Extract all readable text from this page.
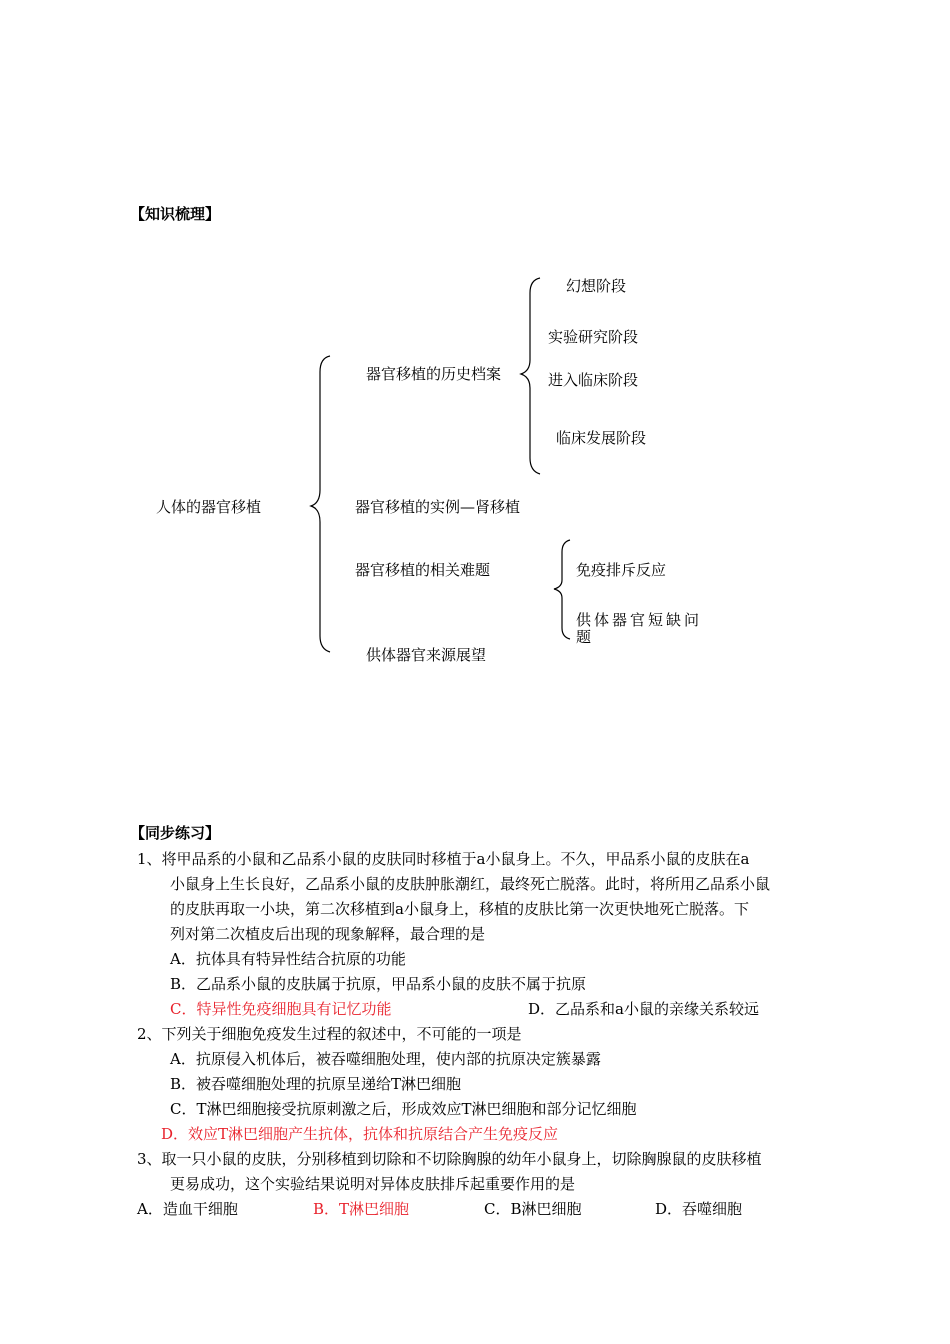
【知识梳理】
人体的器官移植
器官移植的历史档案
器官移植的实例—肾移植
器官移植的相关难题
供体器官来源展望
幻想阶段
实验研究阶段
进入临床阶段
临床发展阶段
免疫排斥反应
供体器官短缺问题
【同步练习】
1、将甲品系的小鼠和乙品系小鼠的皮肤同时移植于a小鼠身上。不久，甲品系小鼠的皮肤在a
小鼠身上生长良好，乙品系小鼠的皮肤肿胀潮红，最终死亡脱落。此时，将所用乙品系小鼠
的皮肤再取一小块，第二次移植到a小鼠身上，移植的皮肤比第一次更快地死亡脱落。下
列对第二次植皮后出现的现象解释，最合理的是
A．抗体具有特异性结合抗原的功能
B．乙品系小鼠的皮肤属于抗原，甲品系小鼠的皮肤不属于抗原
C．特异性免疫细胞具有记忆功能	D．乙品系和a小鼠的亲缘关系较远
2、下列关于细胞免疫发生过程的叙述中，不可能的一项是
A．抗原侵入机体后，被吞噬细胞处理，使内部的抗原决定簇暴露
B．被吞噬细胞处理的抗原呈递给T淋巴细胞
C．T淋巴细胞接受抗原刺激之后，形成效应T淋巴细胞和部分记忆细胞
D．效应T淋巴细胞产生抗体，抗体和抗原结合产生免疫反应
3、取一只小鼠的皮肤，分别移植到切除和不切除胸腺的幼年小鼠身上，切除胸腺鼠的皮肤移植
更易成功，这个实验结果说明对异体皮肤排斥起重要作用的是
A．造血干细胞	B．T淋巴细胞	C．B淋巴细胞	D．吞噬细胞
